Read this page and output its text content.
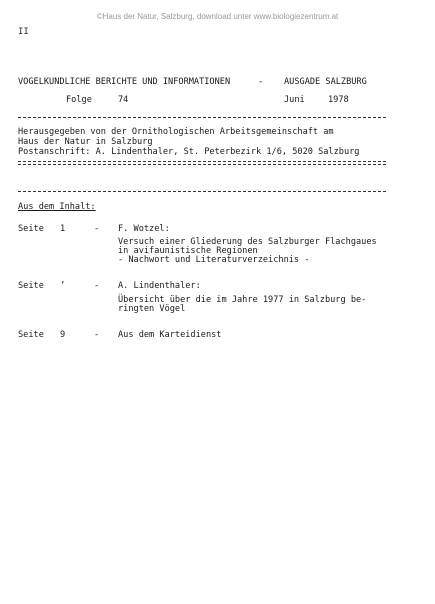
©Haus der Natur, Salzburg, download unter www.biologiezentrum.at
II
VOGELKUNDLICHE BERICHTE UND INFORMATIONEN	- AUSGADE SALZBURG
Folge	74	Juni	1978
Herausgegeben von der Ornithologischen Arbeitsgemeinschaft am
Haus der Natur in Salzburg
Postanschrift: A. Lindenthaler, St. Peterbezirk 1/6, 5020 Salzburg
Aus dem Inhalt:
Seite 1	- F. Wotzel:
Versuch einer Gliederung des Salzburger Flachgaues
in avifaunistische Regionen
- Nachwort und Literaturverzeichnis -
Seite ’	- A. Lindenthaler:
Übersicht über die im Jahre 1977 in Salzburg be-
ringten Vögel
Seite 9	- Aus dem Karteidienst
